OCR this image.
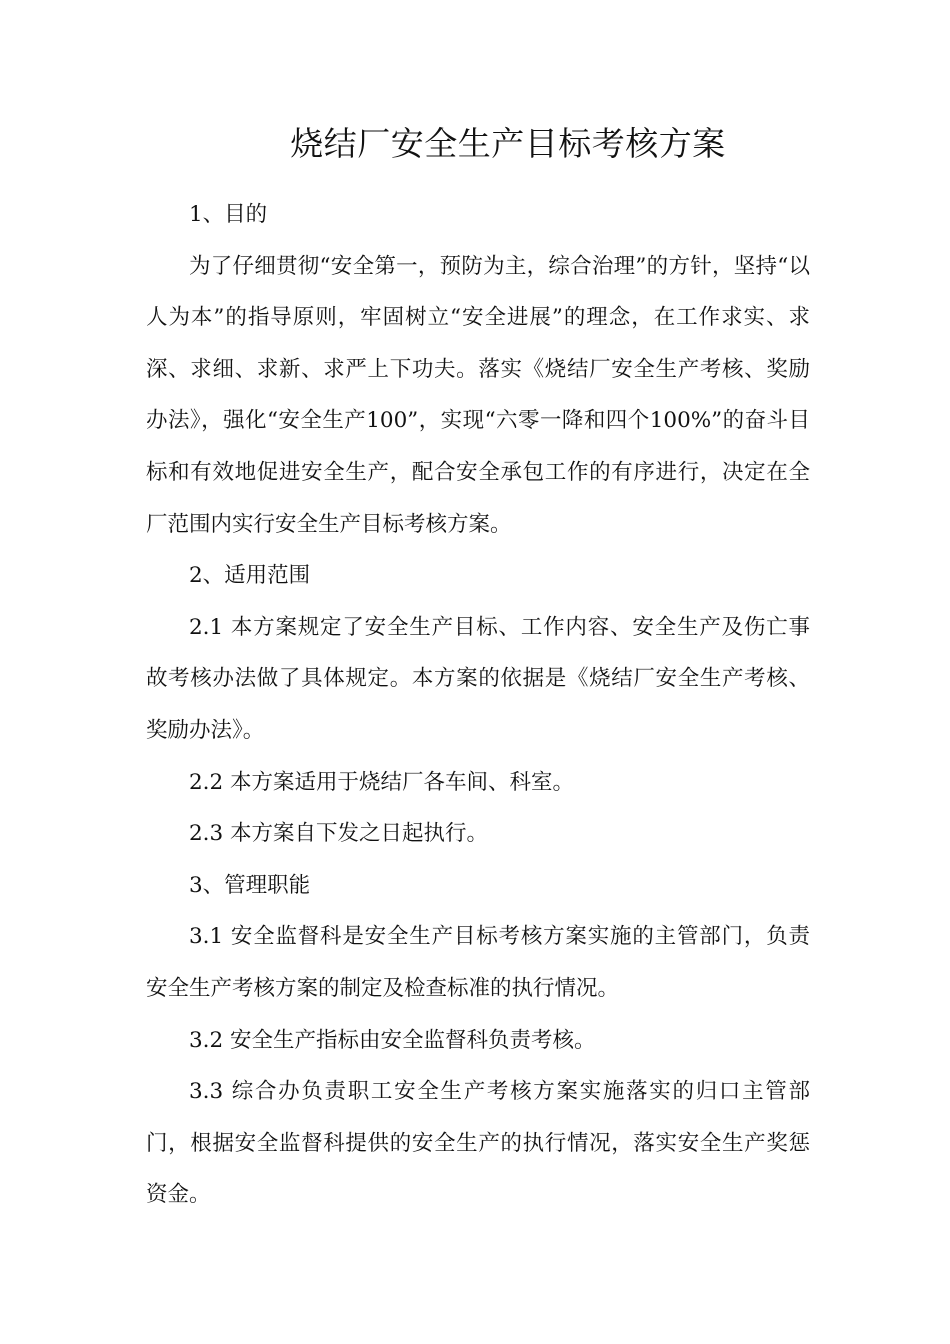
烧结厂安全生产目标考核方案

1、目的

为了仔细贯彻“安全第一，预防为主，综合治理”的方针，坚持“以人为本”的指导原则，牢固树立“安全进展”的理念，在工作求实、求深、求细、求新、求严上下功夫。落实《烧结厂安全生产考核、奖励办法》，强化“安全生产100”，实现“六零一降和四个100%”的奋斗目标和有效地促进安全生产，配合安全承包工作的有序进行，决定在全厂范围内实行安全生产目标考核方案。

2、适用范围

2.1 本方案规定了安全生产目标、工作内容、安全生产及伤亡事故考核办法做了具体规定。本方案的依据是《烧结厂安全生产考核、奖励办法》。

2.2 本方案适用于烧结厂各车间、科室。

2.3 本方案自下发之日起执行。

3、管理职能

3.1 安全监督科是安全生产目标考核方案实施的主管部门，负责安全生产考核方案的制定及检查标准的执行情况。

3.2 安全生产指标由安全监督科负责考核。

3.3 综合办负责职工安全生产考核方案实施落实的归口主管部门，根据安全监督科提供的安全生产的执行情况，落实安全生产奖惩资金。
